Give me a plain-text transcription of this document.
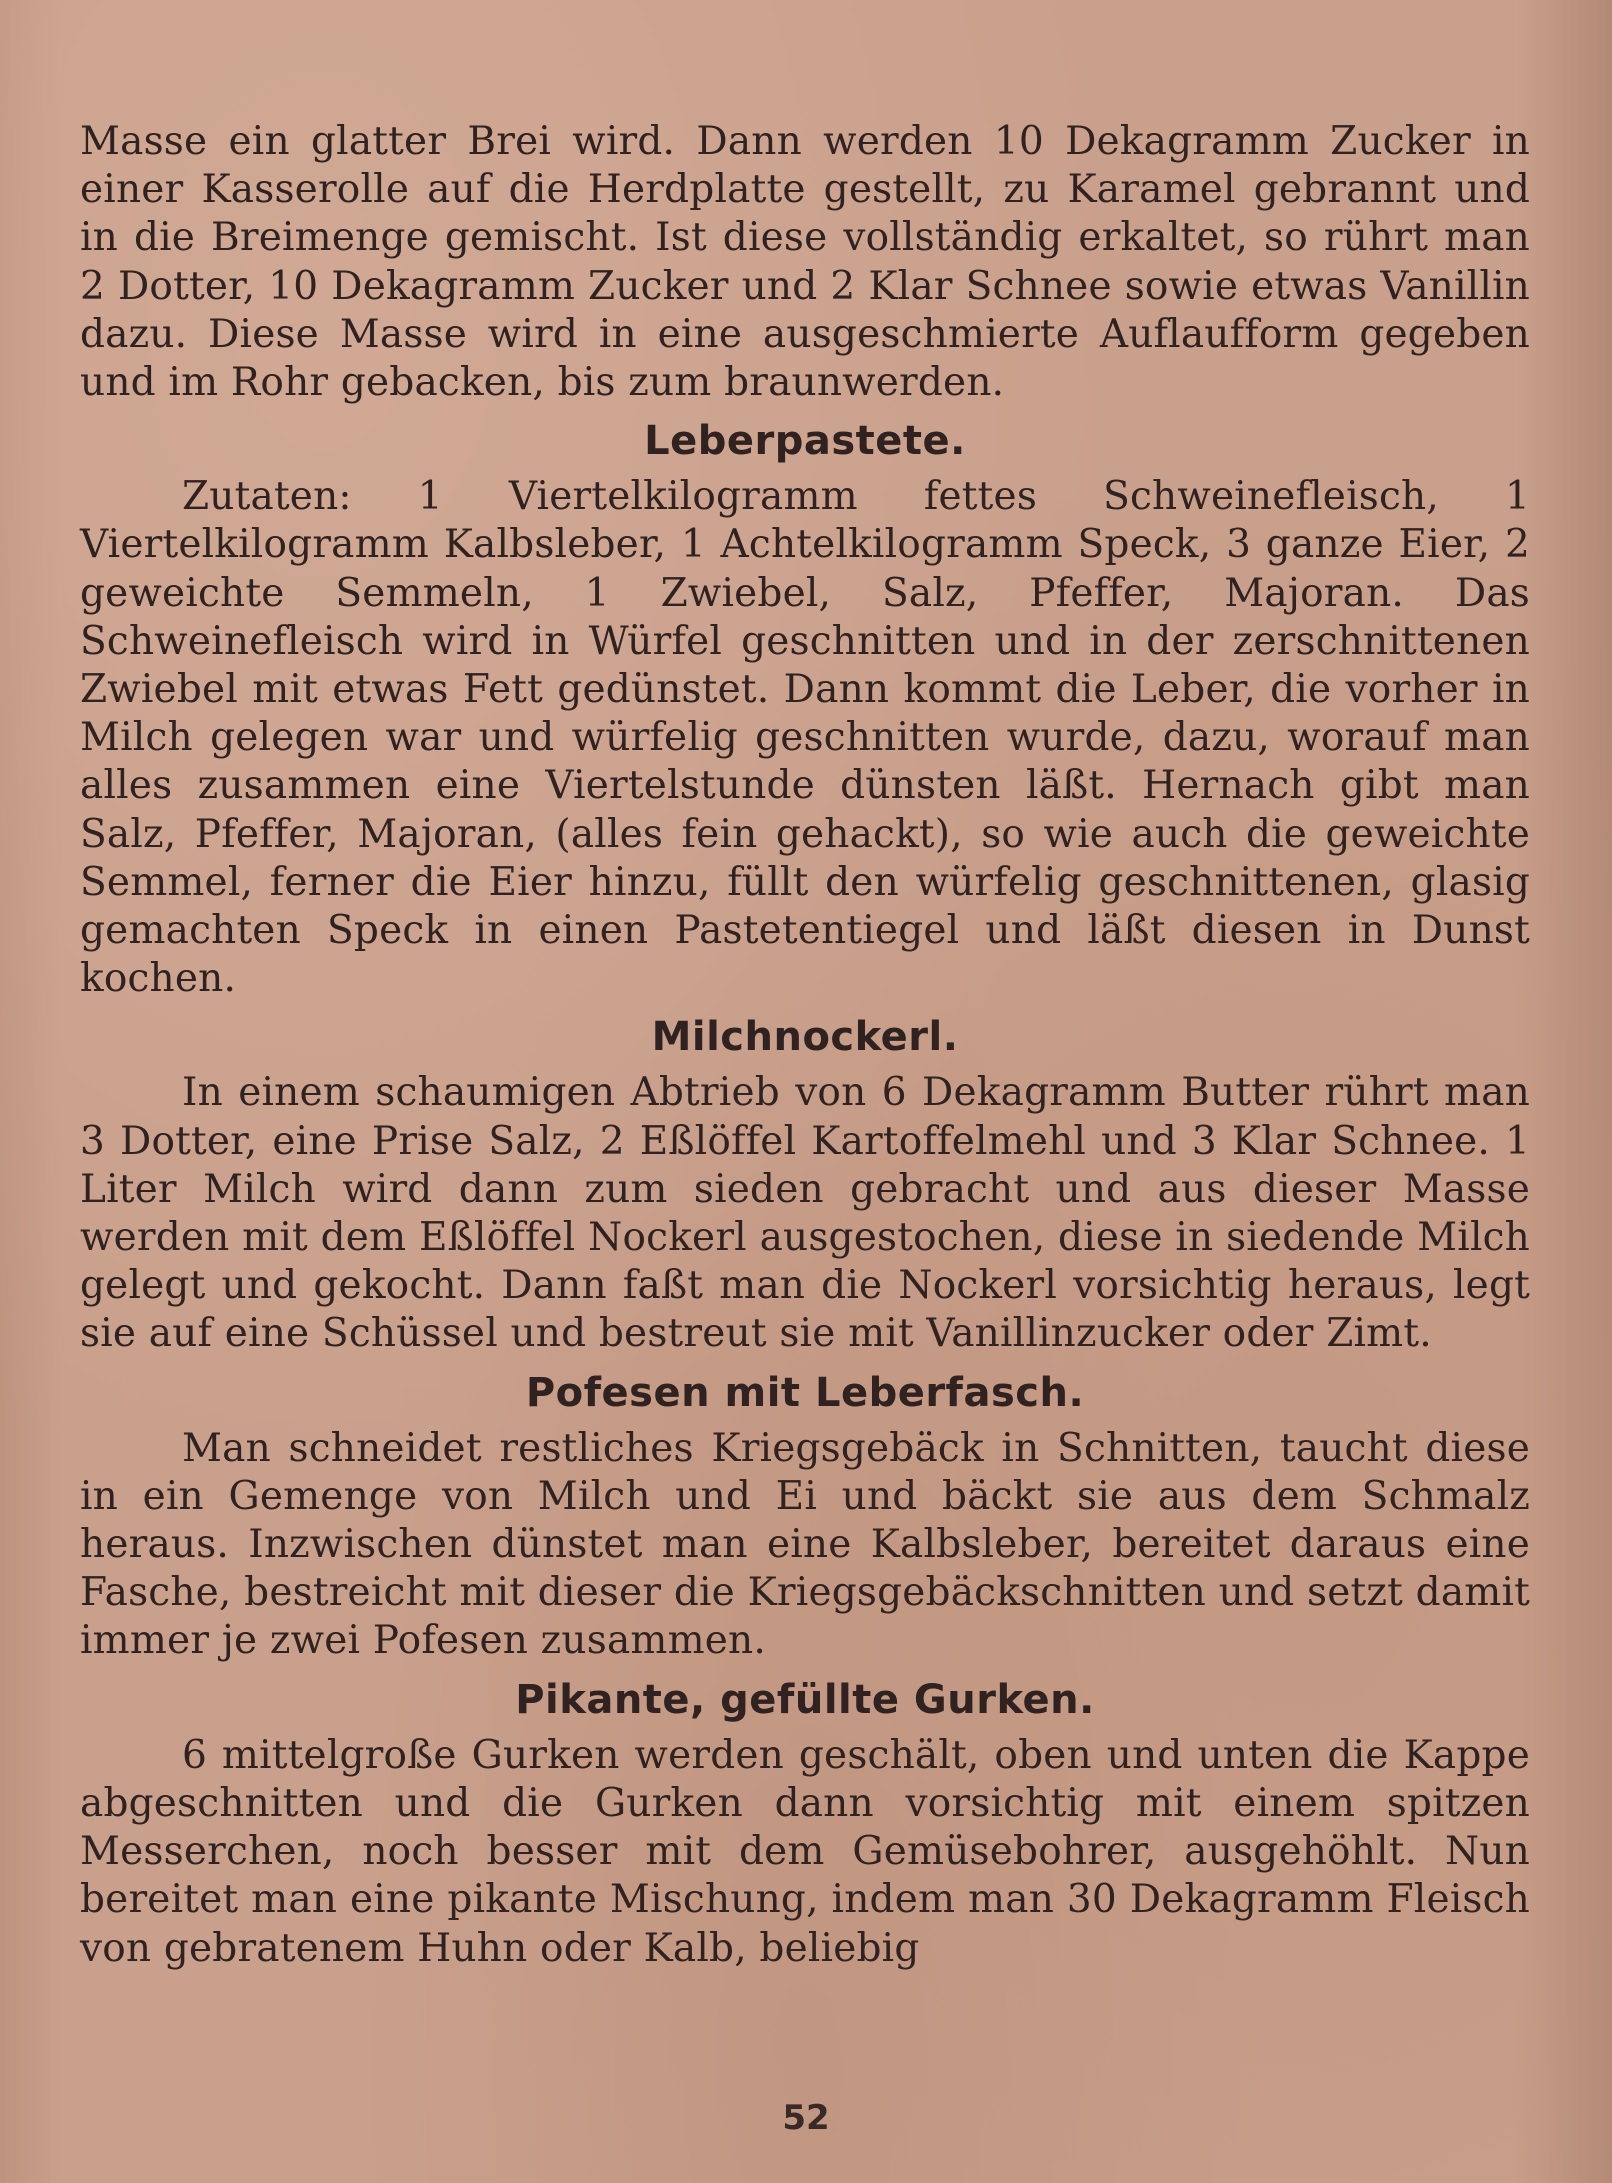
Masse ein glatter Brei wird. Dann werden 10 Dekagramm Zucker in einer Kasserolle auf die Herdplatte gestellt, zu Karamel gebrannt und in die Breimenge gemischt. Ist diese vollständig erkaltet, so rührt man 2 Dotter, 10 Dekagramm Zucker und 2 Klar Schnee sowie etwas Vanillin dazu. Diese Masse wird in eine ausgeschmierte Auflaufform gegeben und im Rohr gebacken, bis zum braunwerden.

Leberpastete.

Zutaten: 1 Viertelkilogramm fettes Schweinefleisch, 1 Viertelkilogramm Kalbsleber, 1 Achtelkilogramm Speck, 3 ganze Eier, 2 geweichte Semmeln, 1 Zwiebel, Salz, Pfeffer, Majoran. Das Schweinefleisch wird in Würfel geschnitten und in der zerschnittenen Zwiebel mit etwas Fett gedünstet. Dann kommt die Leber, die vorher in Milch gelegen war und würfelig geschnitten wurde, dazu, worauf man alles zusammen eine Viertelstunde dünsten läßt. Hernach gibt man Salz, Pfeffer, Majoran, (alles fein gehackt), so wie auch die geweichte Semmel, ferner die Eier hinzu, füllt den würfelig geschnittenen, glasig gemachten Speck in einen Pastetentiegel und läßt diesen in Dunst kochen.

Milchnockerl.

In einem schaumigen Abtrieb von 6 Dekagramm Butter rührt man 3 Dotter, eine Prise Salz, 2 Eßlöffel Kartoffelmehl und 3 Klar Schnee. 1 Liter Milch wird dann zum sieden gebracht und aus dieser Masse werden mit dem Eßlöffel Nockerl ausgestochen, diese in siedende Milch gelegt und gekocht. Dann faßt man die Nockerl vorsichtig heraus, legt sie auf eine Schüssel und bestreut sie mit Vanillinzucker oder Zimt.

Pofesen mit Leberfasch.

Man schneidet restliches Kriegsgebäck in Schnitten, taucht diese in ein Gemenge von Milch und Ei und bäckt sie aus dem Schmalz heraus. Inzwischen dünstet man eine Kalbsleber, bereitet daraus eine Fasche, bestreicht mit dieser die Kriegsgebäckschnitten und setzt damit immer je zwei Pofesen zusammen.

Pikante, gefüllte Gurken.

6 mittelgroße Gurken werden geschält, oben und unten die Kappe abgeschnitten und die Gurken dann vorsichtig mit einem spitzen Messerchen, noch besser mit dem Gemüsebohrer, ausgehöhlt. Nun bereitet man eine pikante Mischung, indem man 30 Dekagramm Fleisch von gebratenem Huhn oder Kalb, beliebig

52
